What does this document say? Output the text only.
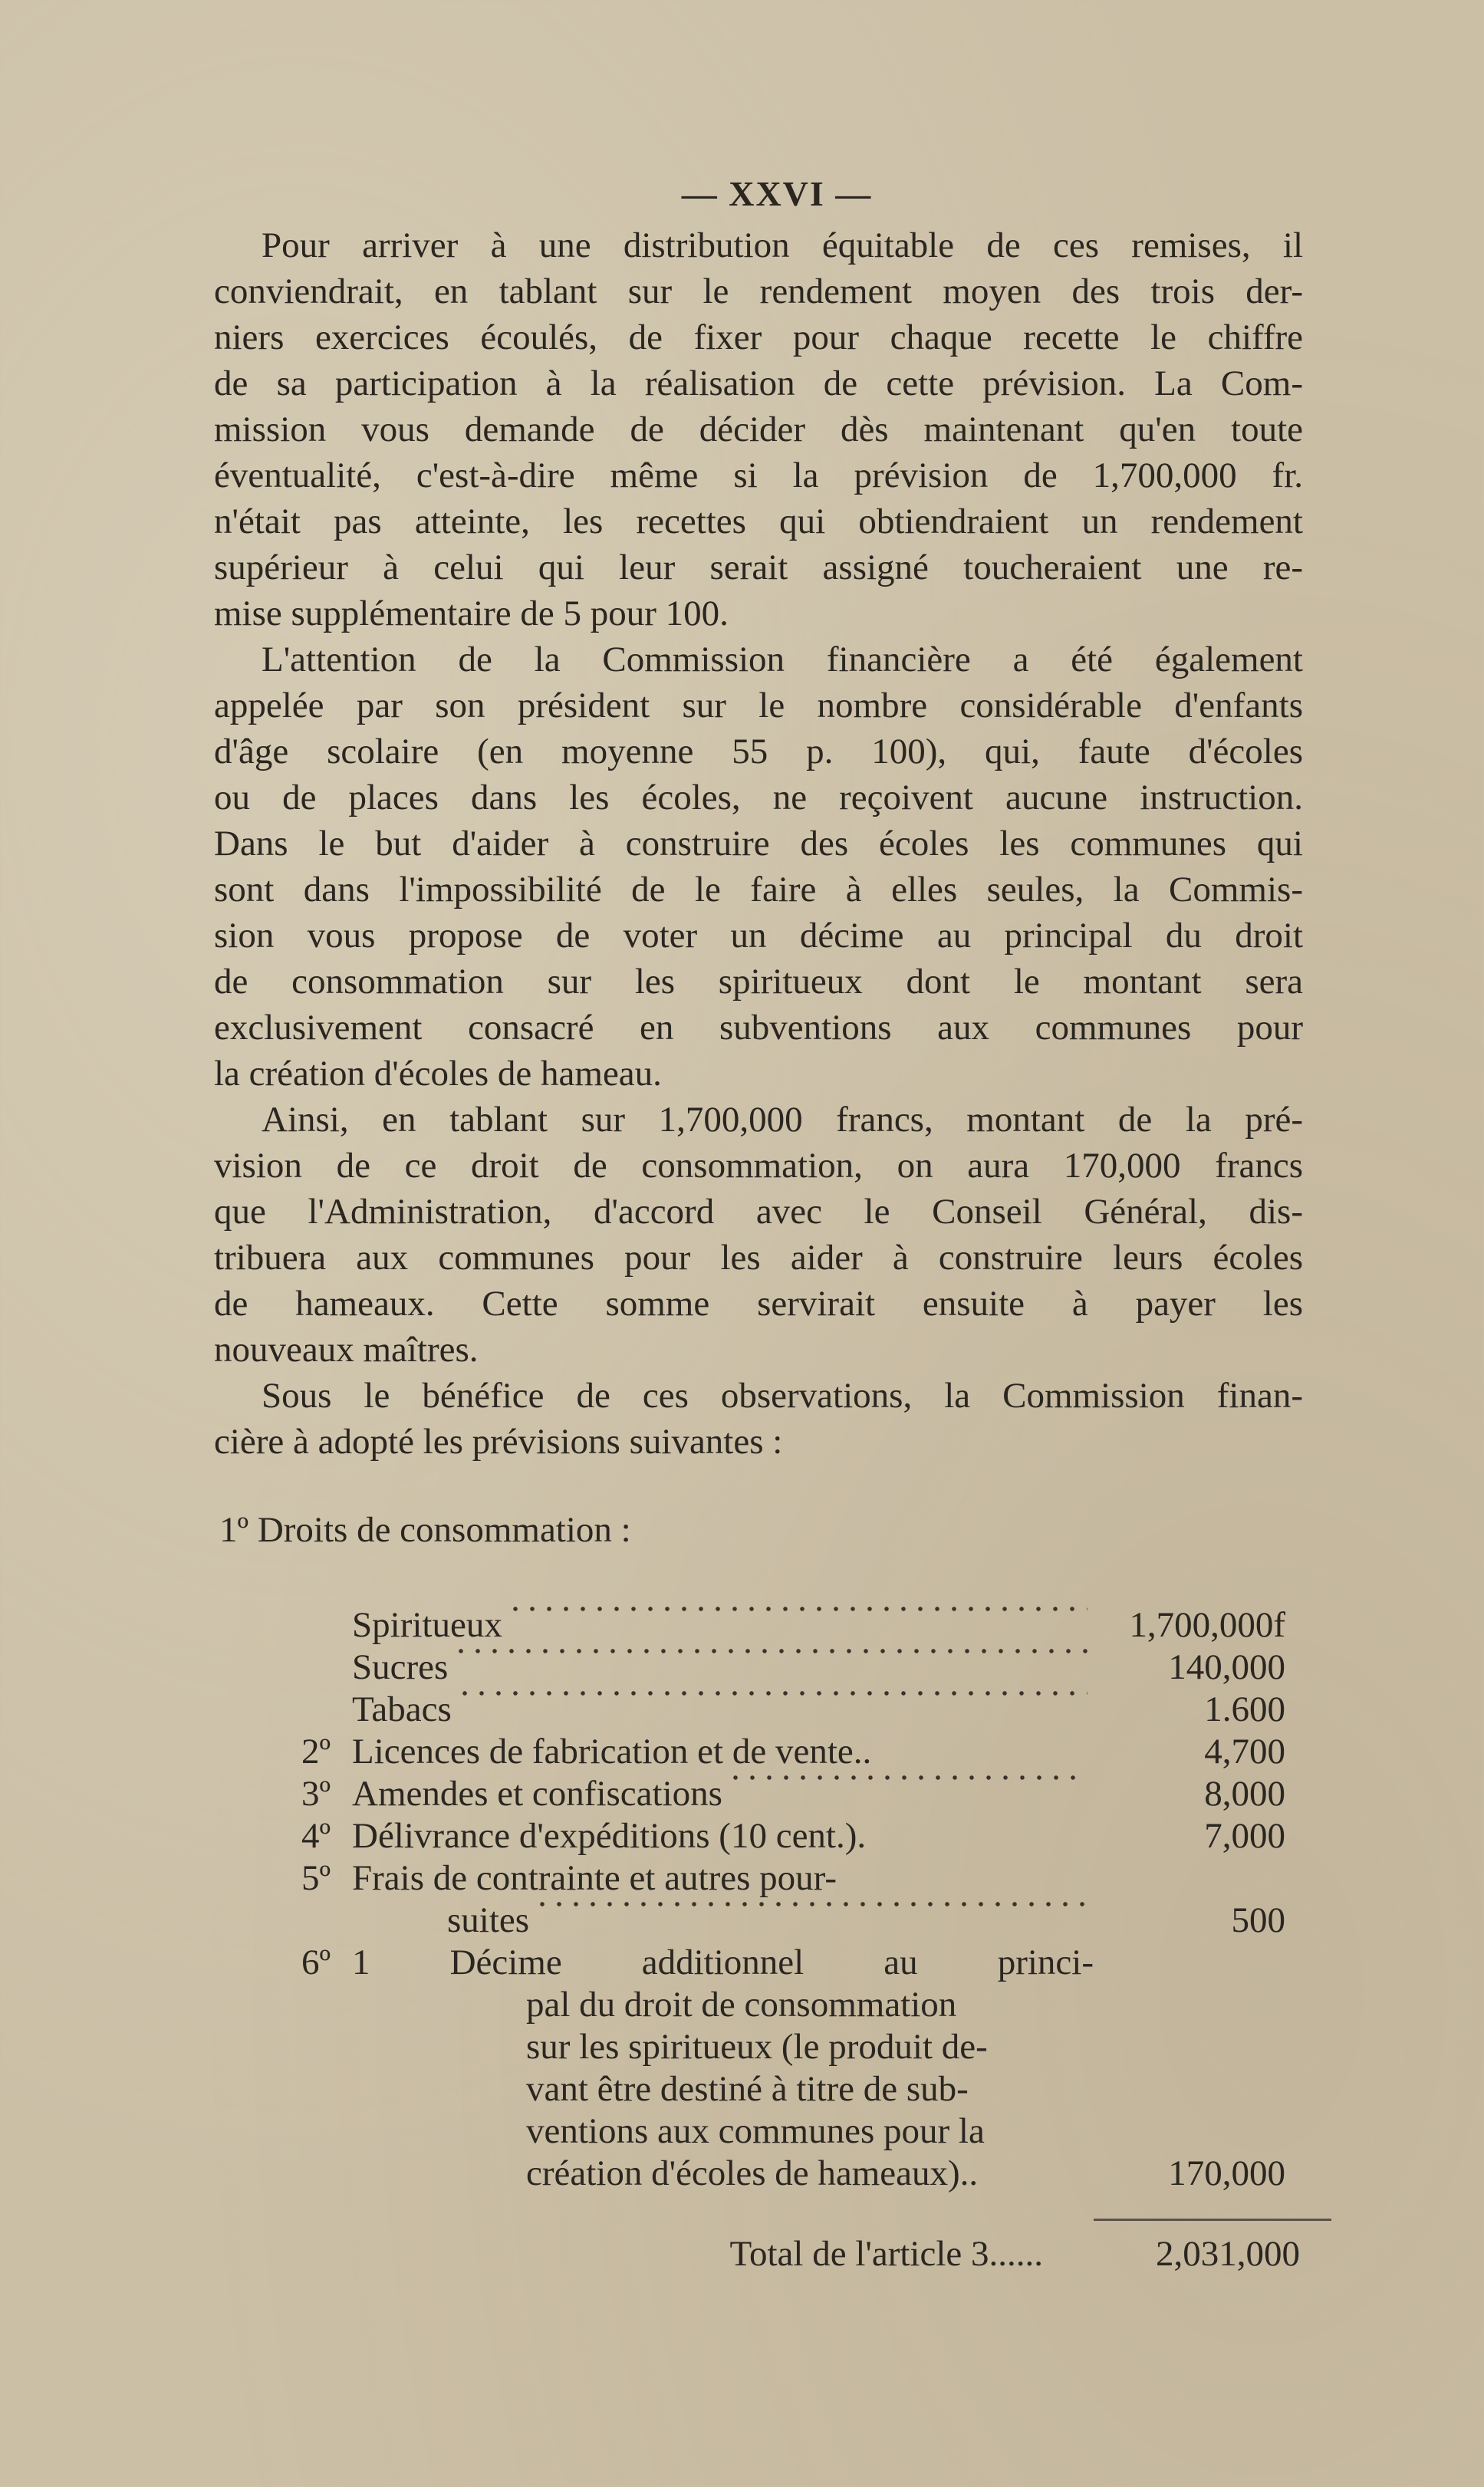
— XXVI —
Pour arriver à une distribution équitable de ces remises, il
conviendrait, en tablant sur le rendement moyen des trois der-
niers exercices écoulés, de fixer pour chaque recette le chiffre
de sa participation à la réalisation de cette prévision. La Com-
mission vous demande de décider dès maintenant qu'en toute
éventualité, c'est-à-dire même si la prévision de 1,700,000 fr.
n'était pas atteinte, les recettes qui obtiendraient un rendement
supérieur à celui qui leur serait assigné toucheraient une re-
mise supplémentaire de 5 pour 100.
L'attention de la Commission financière a été également
appelée par son président sur le nombre considérable d'enfants
d'âge scolaire (en moyenne 55 p. 100), qui, faute d'écoles
ou de places dans les écoles, ne reçoivent aucune instruction.
Dans le but d'aider à construire des écoles les communes qui
sont dans l'impossibilité de le faire à elles seules, la Commis-
sion vous propose de voter un décime au principal du droit
de consommation sur les spiritueux dont le montant sera
exclusivement consacré en subventions aux communes pour
la création d'écoles de hameau.
Ainsi, en tablant sur 1,700,000 francs, montant de la pré-
vision de ce droit de consommation, on aura 170,000 francs
que l'Administration, d'accord avec le Conseil Général, dis-
tribuera aux communes pour les aider à construire leurs écoles
de hameaux. Cette somme servirait ensuite à payer les
nouveaux maîtres.
Sous le bénéfice de ces observations, la Commission finan-
cière à adopté les prévisions suivantes :
1º Droits de consommation :
Spiritueux	1,700,000f
Sucres	140,000
Tabacs	1.600
2º Licences de fabrication et de vente..	4,700
3º Amendes et confiscations	8,000
4º Délivrance d'expéditions (10 cent.).	7,000
5º Frais de contrainte et autres pour-
suites	500
6º 1 Décime additionnel au princi-
pal du droit de consommation
sur les spiritueux (le produit de-
vant être destiné à titre de sub-
ventions aux communes pour la
création d'écoles de hameaux)..	170,000
Total de l'article 3......	2,031,000
